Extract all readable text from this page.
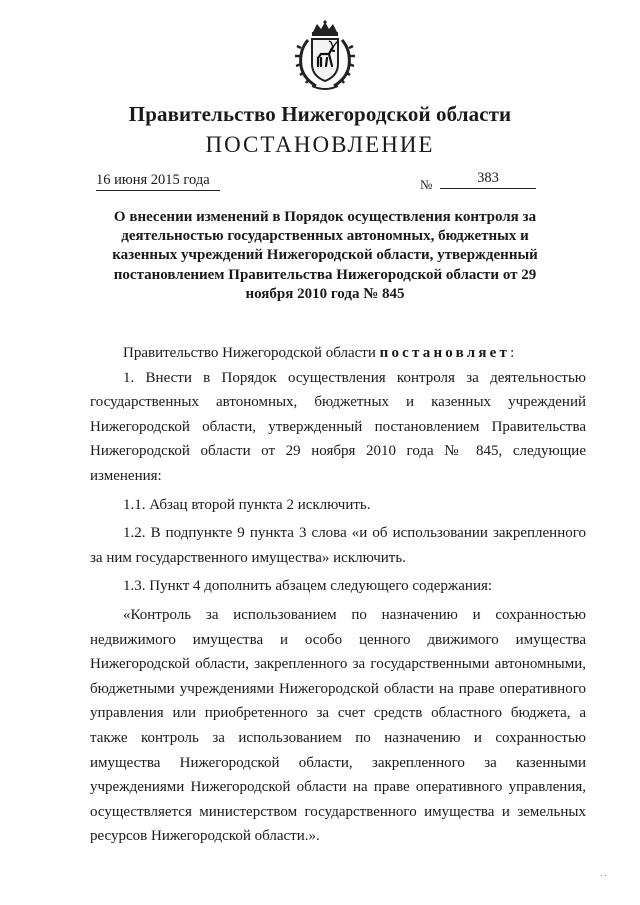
Правительство Нижегородской области
ПОСТАНОВЛЕНИЕ
16 июня 2015 года	№	383
О внесении изменений в Порядок осуществления контроля за деятельностью государственных автономных, бюджетных и казенных учреждений Нижегородской области, утвержденный постановлением Правительства Нижегородской области от 29 ноября 2010 года № 845

Правительство Нижегородской области постановляет:

1. Внести в Порядок осуществления контроля за деятельностью государственных автономных, бюджетных и казенных учреждений Нижегородской области, утвержденный постановлением Правительства Нижегородской области от 29 ноября 2010 года № 845, следующие изменения:

1.1. Абзац второй пункта 2 исключить.

1.2. В подпункте 9 пункта 3 слова «и об использовании закрепленного за ним государственного имущества» исключить.

1.3. Пункт 4 дополнить абзацем следующего содержания:

«Контроль за использованием по назначению и сохранностью недвижимого имущества и особо ценного движимого имущества Нижегородской области, закрепленного за государственными автономными, бюджетными учреждениями Нижегородской области на праве оперативного управления или приобретенного за счет средств областного бюджета, а также контроль за использованием по назначению и сохранностью имущества Нижегородской области, закрепленного за казенными учреждениями Нижегородской области на праве оперативного управления, осуществляется министерством государственного имущества и земельных ресурсов Нижегородской области.».

. .
